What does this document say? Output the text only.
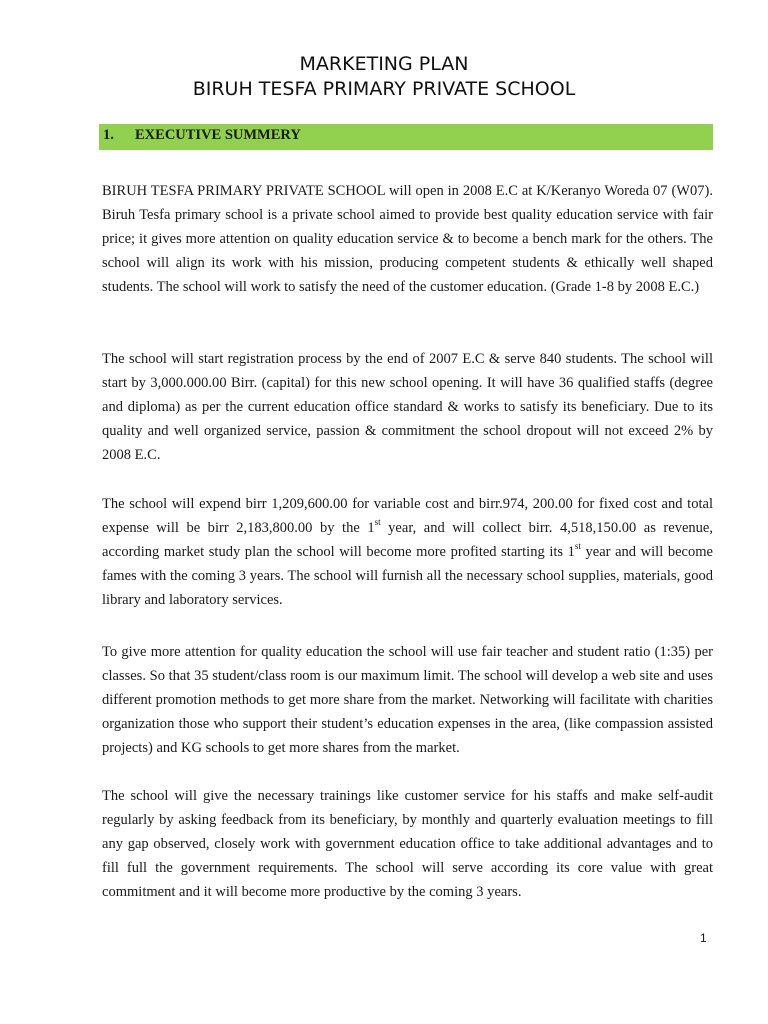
MARKETING PLAN
BIRUH TESFA PRIMARY PRIVATE SCHOOL
1. EXECUTIVE SUMMERY
BIRUH TESFA PRIMARY PRIVATE SCHOOL will open in 2008 E.C at K/Keranyo Woreda 07 (W07). Biruh Tesfa primary school is a private school aimed to provide best quality education service with fair price; it gives more attention on quality education service & to become a bench mark for the others. The school will align its work with his mission, producing competent students & ethically well shaped students. The school will work to satisfy the need of the customer education. (Grade 1-8 by 2008 E.C.)
The school will start registration process by the end of 2007 E.C & serve 840 students. The school will start by 3,000.000.00 Birr. (capital) for this new school opening. It will have 36 qualified staffs (degree and diploma) as per the current education office standard & works to satisfy its beneficiary. Due to its quality and well organized service, passion & commitment the school dropout will not exceed 2% by 2008 E.C.
The school will expend birr 1,209,600.00 for variable cost and birr.974, 200.00 for fixed cost and total expense will be birr 2,183,800.00 by the 1st year, and will collect birr. 4,518,150.00 as revenue, according market study plan the school will become more profited starting its 1st year and will become fames with the coming 3 years. The school will furnish all the necessary school supplies, materials, good library and laboratory services.
To give more attention for quality education the school will use fair teacher and student ratio (1:35) per classes. So that 35 student/class room is our maximum limit. The school will develop a web site and uses different promotion methods to get more share from the market. Networking will facilitate with charities organization those who support their student’s education expenses in the area, (like compassion assisted projects) and KG schools to get more shares from the market.
The school will give the necessary trainings like customer service for his staffs and make self-audit regularly by asking feedback from its beneficiary, by monthly and quarterly evaluation meetings to fill any gap observed, closely work with government education office to take additional advantages and to fill full the government requirements. The school will serve according its core value with great commitment and it will become more productive by the coming 3 years.
1
